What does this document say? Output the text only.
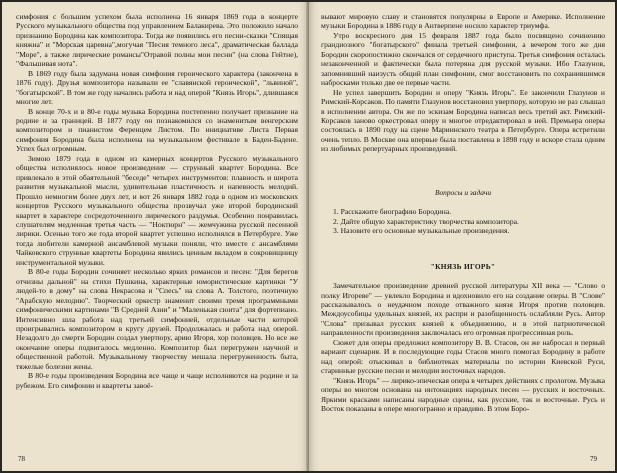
симфония с большим успехом была исполнена 16 января 1869 года в концерте Русского музыкального общества под управлением Балакирева. Это положило начало признанию Бородина как композитора. Тогда же появились его песни-сказки "Спящая княжна" и "Морская царевна",могучая "Песня темного леса", драматическая баллада "Море", а также лирические романсы"Отравой полны мои песни" (на слова Гейтне), "Фальшивая нота".

В 1869 году была задумана новая симфония героического характера (закончена в 1876 году). Друзья композитора называли ее "славянской героической", "львиной", "богатырской". В том же году начались работа и над оперой "Князь Игорь", длившаяся многие лет.

В конце 70-х и в 80-е годы музыка Бородина постепенно получает признание на родине и за границей. В 1877 году он познакомился со знаменитым венгерским композитором и пианистом Ференцем Листом. По инициативе Листа Первая симфония Бородина была исполнена на музыкальном фестивале в Баден-Бадене. Успех был огромным.

Зимою 1879 года в одном из камерных концертов Русского музыкального общества исполнялось новое произведение — струнный квартет Бородина. Все привлекало в этой обаятельной "беседе" четырех инструментов: плавность и широта развития музыкальной мысли, удивительная пластичность и напевность мелодий. Прошло немногим более двух лет, и вот 26 января 1882 года в одном из московских концертов Русского музыкального общества прозвучал уже второй бородинский квартет в характере сосредоточенного лирического раздумья. Особенно понравилась слушателям медленная третья часть — "Ноктюрн" — жемчужина русской песенной лирики. Осенью того же года второй квартет успешно исполнялся в Петербурге. Уже тогда любители камерной ансамблевой музыки поняли, что вместе с ансамблями Чайковского струнные квартеты Бородина явились ценным вкладом в сокровищницу инструментальной музыки.

В 80-е годы Бородин сочиняет несколько ярких романсов и песен: "Для берегов отчизны дальной" на стихи Пушкина, характерные юмористические картинки "У людей-то в дому" на слова Некрасова и "Спесь" на слова А. Толстого, поэтичную "Арабскую мелодию". Творческий оркестр знаменит своими тремя программными симфоническими картинами "В Средней Азии" и "Маленькая сюита" для фортепиано. Интенсивно шла работа над третьей симфонией, отдельные части которой проигрывались композитором в кругу друзей. Продолжалась и работа над оперой. Незадолго до смерти Бородин создал увертюру, арию Игоря, хор половцев. Но все же окончание оперы подвигалось медленно. Композитор был перегружен научной и общественной работой. Музыкальному творчеству мешала перегруженность быта, тяжелые болезни жены.

В 80-е годы произведения Бородина все чаще и чаще исполняются на родине и за рубежом. Его симфонии и квартеты завоё-

78

вывают мировую славу и становятся популярны в Европе и Америке. Исполнение музыки Бородина в 1886 году в Антверпене носило характер триумфа.

Утро воскресного дня 15 февраля 1887 года было посвящено сочинению грандиозного "богатырского" финала третьей симфонии, а вечером того же дня Бородин скоропостижно скончался от сердечного приступа. Третья симфония осталась незаконченной и фактически была потеряна для русской музыки. Ибо Глазунов, запомнивший наизусть общий план симфонии, смог восстановить по сохранившимся набросками только две ее первые части.

Не успел завершить Бородин и оперу "Князь Игорь". Ее закончили Глазунов и Римский-Корсаков. По памяти Глазунов восстановил увертюру, которую не раз слышал в исполнении автора. Он же по эскизам Бородина написал весь третий акт. Римский-Корсаков заново оркестровал оперу и многое отредактировал в ней. Премьера оперы состоялась в 1890 году на сцене Мариинского театра в Петербурге. Опера встретили очень тепло. В Москве она впервые была поставлена в 1898 году и вскоре стала одним из любимых репертуарных произведений.

Вопросы и задачи

1. Расскажите биографию Бородина.
2. Дайте общую характеристику творчества композитора.
3. Назовите его основные музыкальные произведения.

"КНЯЗЬ ИГОРЬ"

Замечательное произведение древней русской литературы XII века — "Слово о полку Игореве" — увлекло Бородина и вдохновило его на создание оперы. В "Слове" рассказывалось о неудачном походе отважного князя Игоря против половцев. Междоусобицы удельных князей, их распри и разобщенность ослабляли Русь. Автор "Слова" призывал русских князей к объединению, и в этой патриотической направленности произведения заключалась его огромная прогрессивная роль.

Сюжет для оперы предложил композитору В. В. Стасов, он же набросал и первый вариант сценария. И в последующие годы Стасов много помогал Бородину в работе над оперой: отыскивал в библиотеках материалы по истории Киевской Руси, старинные русские песни и мелодии восточных народов.

"Князь Игорь" — лирико-эпическая опера в четырех действиях с прологом. Музыка оперы во многом основана на интонациях народных песен — русских и восточных. Яркими красками написаны народные сцены, как русские, так и восточные. Русь и Восток показаны в опере многогранно и правдиво. В этом Боро-

79
